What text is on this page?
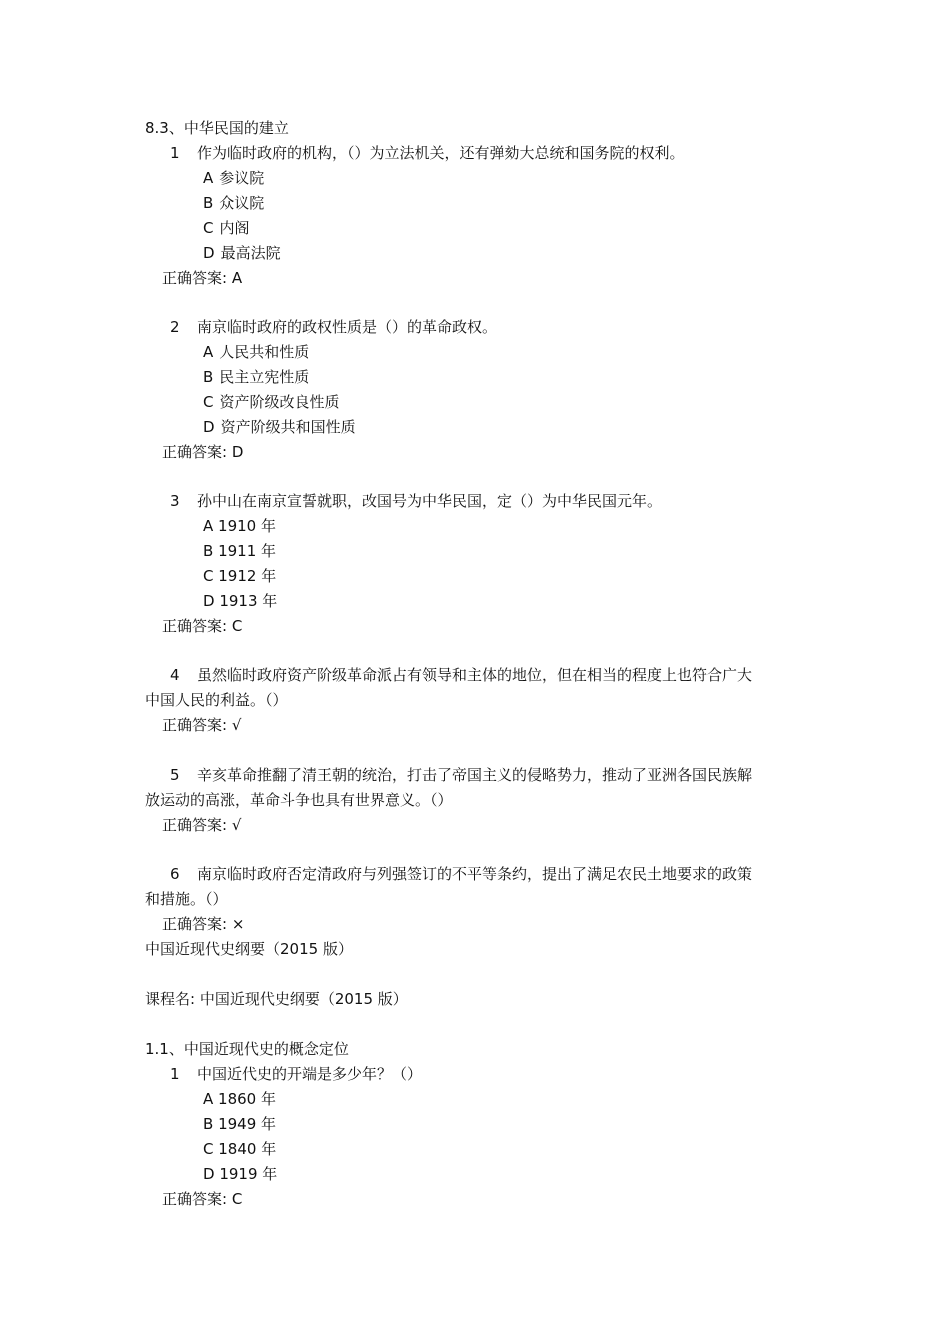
8.3、中华民国的建立
1 作为临时政府的机构，（）为立法机关，还有弹劾大总统和国务院的权利。
A 参议院
B 众议院
C 内阁
D 最高法院
正确答案: A
2 南京临时政府的政权性质是（）的革命政权。
A 人民共和性质
B 民主立宪性质
C 资产阶级改良性质
D 资产阶级共和国性质
正确答案: D
3 孙中山在南京宣誓就职，改国号为中华民国，定（）为中华民国元年。
A 1910 年
B 1911 年
C 1912 年
D 1913 年
正确答案: C
4 虽然临时政府资产阶级革命派占有领导和主体的地位，但在相当的程度上也符合广大
中国人民的利益。（）
正确答案: √
5 辛亥革命推翻了清王朝的统治，打击了帝国主义的侵略势力，推动了亚洲各国民族解
放运动的高涨，革命斗争也具有世界意义。（）
正确答案: √
6 南京临时政府否定清政府与列强签订的不平等条约，提出了满足农民土地要求的政策
和措施。（）
正确答案: ×
中国近现代史纲要（2015 版）
课程名: 中国近现代史纲要（2015 版）
1.1、中国近现代史的概念定位
1 中国近代史的开端是多少年？（）
A 1860 年
B 1949 年
C 1840 年
D 1919 年
正确答案: C
